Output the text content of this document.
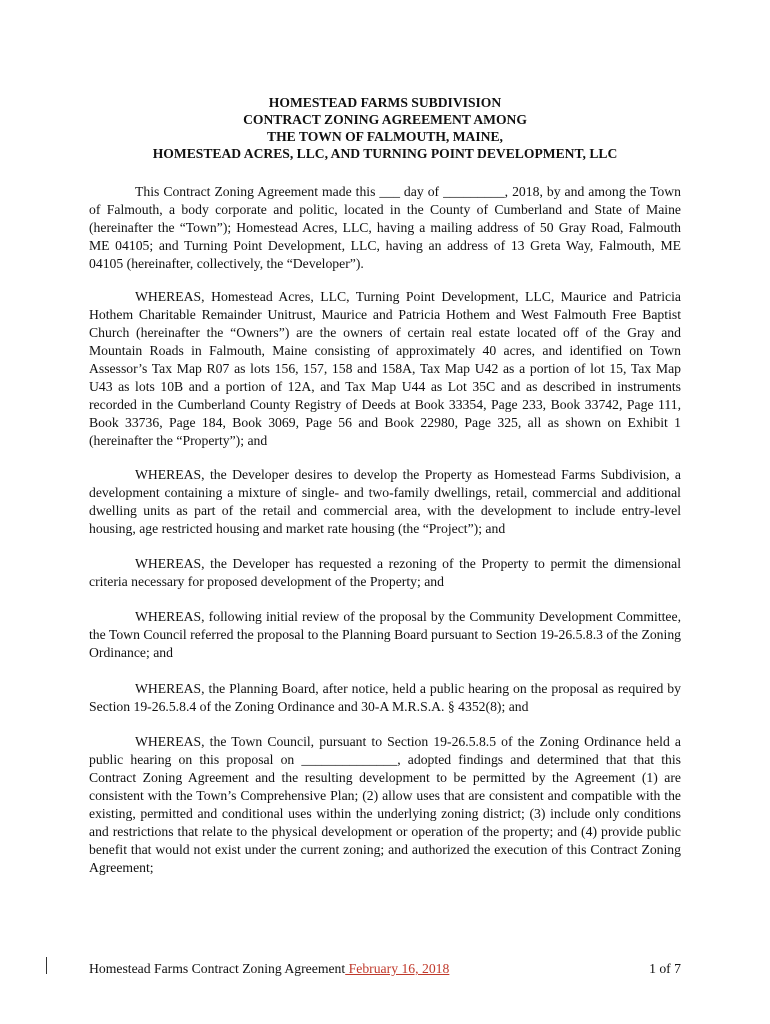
HOMESTEAD FARMS SUBDIVISION
CONTRACT ZONING AGREEMENT AMONG
THE TOWN OF FALMOUTH, MAINE,
HOMESTEAD ACRES, LLC, AND TURNING POINT DEVELOPMENT, LLC

This Contract Zoning Agreement made this ___ day of _________, 2018, by and among the Town of Falmouth, a body corporate and politic, located in the County of Cumberland and State of Maine (hereinafter the “Town”); Homestead Acres, LLC, having a mailing address of 50 Gray Road, Falmouth ME 04105; and Turning Point Development, LLC, having an address of 13 Greta Way, Falmouth, ME 04105 (hereinafter, collectively, the “Developer”).

WHEREAS, Homestead Acres, LLC, Turning Point Development, LLC, Maurice and Patricia Hothem Charitable Remainder Unitrust, Maurice and Patricia Hothem and West Falmouth Free Baptist Church (hereinafter the “Owners”) are the owners of certain real estate located off of the Gray and Mountain Roads in Falmouth, Maine consisting of approximately 40 acres, and identified on Town Assessor’s Tax Map R07 as lots 156, 157, 158 and 158A, Tax Map U42 as a portion of lot 15, Tax Map U43 as lots 10B and a portion of 12A, and Tax Map U44 as Lot 35C and as described in instruments recorded in the Cumberland County Registry of Deeds at Book 33354, Page 233, Book 33742, Page 111, Book 33736, Page 184, Book 3069, Page 56 and Book 22980, Page 325, all as shown on Exhibit 1 (hereinafter the “Property”); and

WHEREAS, the Developer desires to develop the Property as Homestead Farms Subdivision, a development containing a mixture of single- and two-family dwellings, retail, commercial and additional dwelling units as part of the retail and commercial area, with the development to include entry-level housing, age restricted housing and market rate housing (the “Project”); and

WHEREAS, the Developer has requested a rezoning of the Property to permit the dimensional criteria necessary for proposed development of the Property; and

WHEREAS, following initial review of the proposal by the Community Development Committee, the Town Council referred the proposal to the Planning Board pursuant to Section 19-26.5.8.3 of the Zoning Ordinance; and

WHEREAS, the Planning Board, after notice, held a public hearing on the proposal as required by Section 19-26.5.8.4 of the Zoning Ordinance and 30-A M.R.S.A. § 4352(8); and

WHEREAS, the Town Council, pursuant to Section 19-26.5.8.5 of the Zoning Ordinance held a public hearing on this proposal on ______________, adopted findings and determined that that this Contract Zoning Agreement and the resulting development to be permitted by the Agreement (1) are consistent with the Town’s Comprehensive Plan; (2) allow uses that are consistent and compatible with the existing, permitted and conditional uses within the underlying zoning district; (3) include only conditions and restrictions that relate to the physical development or operation of the property; and (4) provide public benefit that would not exist under the current zoning; and authorized the execution of this Contract Zoning Agreement;

Homestead Farms Contract Zoning Agreement February 16, 2018	1 of 7
